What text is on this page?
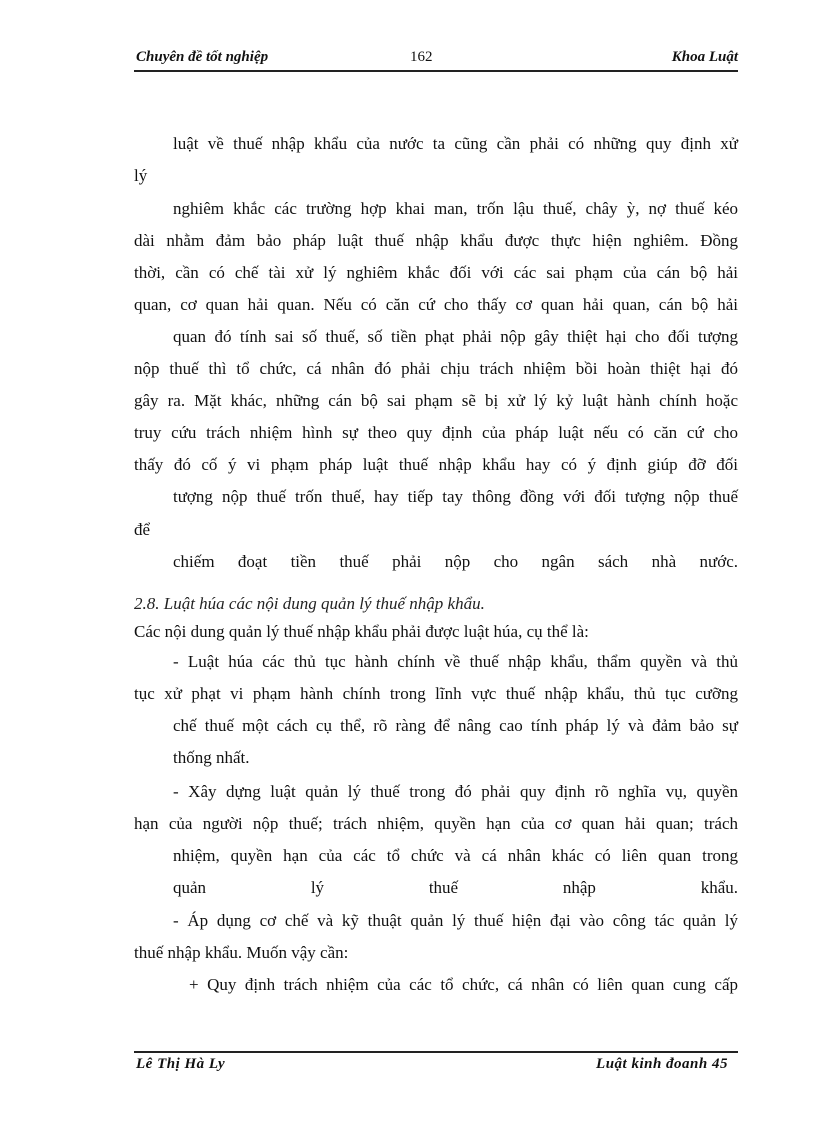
Chuyên đề tốt nghiệp	162	Khoa Luật

luật về thuế nhập khẩu của nước ta cũng cần phải có những quy định xử

lý

nghiêm khắc các trường hợp khai man, trốn lậu thuế, chây ỳ, nợ thuế kéo

dài nhằm đảm bảo pháp luật thuế nhập khẩu được thực hiện nghiêm. Đồng

thời, cần có chế tài xử lý nghiêm khắc đối với các sai phạm của cán bộ hải

quan, cơ quan hải quan. Nếu có căn cứ cho thấy cơ quan hải quan, cán bộ hải

quan đó tính sai số thuế, số tiền phạt phải nộp gây thiệt hại cho đối tượng

nộp thuế thì tổ chức, cá nhân đó phải chịu trách nhiệm bồi hoàn thiệt hại đó

gây ra. Mặt khác, những cán bộ sai phạm sẽ bị xử lý kỷ luật hành chính hoặc

truy cứu trách nhiệm hình sự theo quy định của pháp luật nếu có căn cứ cho

thấy đó cố ý vi phạm pháp luật thuế nhập khẩu hay có ý định giúp đỡ đối

tượng nộp thuế trốn thuế, hay tiếp tay thông đồng với đối tượng nộp thuế

để

chiếm đoạt tiền thuế phải nộp cho ngân sách nhà nước.

2.8. Luật húa các nội dung quản lý thuế nhập khẩu.

Các nội dung quản lý thuế nhập khẩu phải được luật húa, cụ thể là:

- Luật húa các thủ tục hành chính về thuế nhập khẩu, thẩm quyền và thủ

tục xử phạt vi phạm hành chính trong lĩnh vực thuế nhập khẩu, thủ tục cưỡng

chế thuế một cách cụ thể, rõ ràng để nâng cao tính pháp lý và đảm bảo sự

thống nhất.

- Xây dựng luật quản lý thuế trong đó phải quy định rõ nghĩa vụ, quyền

hạn của người nộp thuế; trách nhiệm, quyền hạn của cơ quan hải quan; trách

nhiệm, quyền hạn của các tổ chức và cá nhân khác có liên quan trong

quản lý thuế nhập khẩu.

- Áp dụng cơ chế và kỹ thuật quản lý thuế hiện đại vào công tác quản lý

thuế nhập khẩu. Muốn vậy cần:

+ Quy định trách nhiệm của các tổ chức, cá nhân có liên quan cung cấp

Lê Thị Hà Ly	Luật kinh đoanh 45
